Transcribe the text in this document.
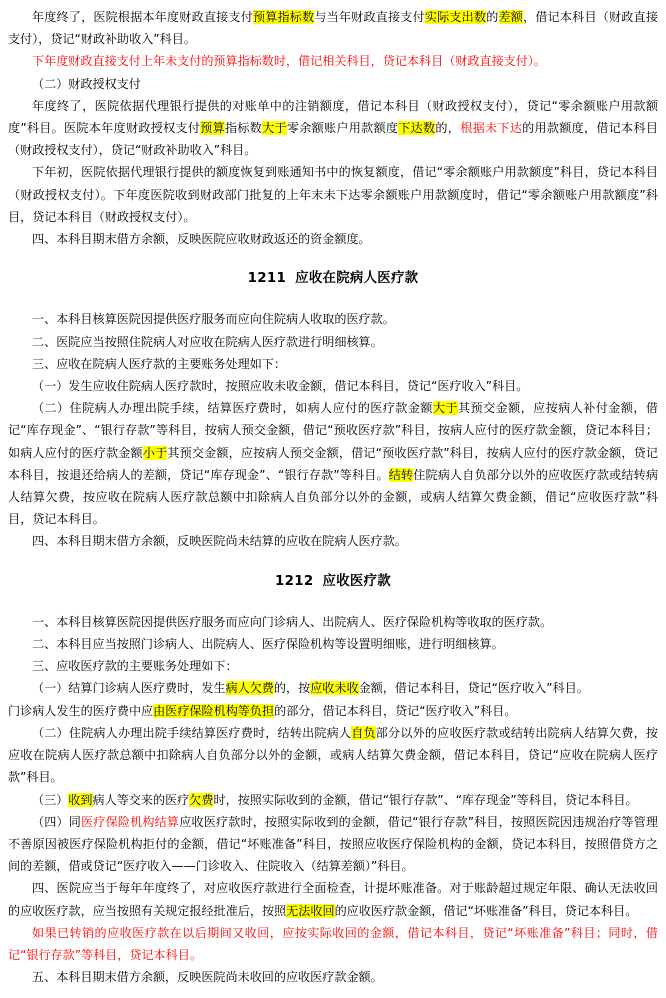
年度终了，医院根据本年度财政直接支付预算指标数与当年财政直接支付实际支出数的差额，借记本科目（财政直接支付），贷记“财政补助收入”科目。

下年度财政直接支付上年未支付的预算指标数时，借记相关科目，贷记本科目（财政直接支付）。

（二）财政授权支付

年度终了，医院依据代理银行提供的对账单中的注销额度，借记本科目（财政授权支付），贷记“零余额账户用款额度”科目。医院本年度财政授权支付预算指标数大于零余额账户用款额度下达数的，根据未下达的用款额度，借记本科目（财政授权支付），贷记“财政补助收入”科目。

下年初，医院依据代理银行提供的额度恢复到账通知书中的恢复额度，借记“零余额账户用款额度”科目，贷记本科目（财政授权支付）。下年度医院收到财政部门批复的上年末未下达零余额账户用款额度时，借记“零余额账户用款额度”科目，贷记本科目（财政授权支付）。

四、本科目期末借方余额，反映医院应收财政返还的资金额度。

1211 应收在院病人医疗款

一、本科目核算医院因提供医疗服务而应向住院病人收取的医疗款。

二、医院应当按照住院病人对应收在院病人医疗款进行明细核算。

三、应收在院病人医疗款的主要账务处理如下：

（一）发生应收住院病人医疗款时，按照应收未收金额，借记本科目，贷记“医疗收入”科目。

（二）住院病人办理出院手续，结算医疗费时，如病人应付的医疗款金额大于其预交金额，应按病人补付金额，借记“库存现金”、“银行存款”等科目，按病人预交金额，借记“预收医疗款”科目，按病人应付的医疗款金额，贷记本科目；如病人应付的医疗款金额小于其预交金额，应按病人预交金额，借记“预收医疗款”科目，按病人应付的医疗款金额，贷记本科目，按退还给病人的差额，贷记“库存现金”、“银行存款”等科目。结转住院病人自负部分以外的应收医疗款或结转病人结算欠费，按应收在院病人医疗款总额中扣除病人自负部分以外的金额，或病人结算欠费金额，借记“应收医疗款”科目，贷记本科目。

四、本科目期末借方余额，反映医院尚未结算的应收在院病人医疗款。

1212 应收医疗款

一、本科目核算医院因提供医疗服务而应向门诊病人、出院病人、医疗保险机构等收取的医疗款。

二、本科目应当按照门诊病人、出院病人、医疗保险机构等设置明细账，进行明细核算。

三、应收医疗款的主要账务处理如下：

（一）结算门诊病人医疗费时，发生病人欠费的，按应收未收金额，借记本科目，贷记“医疗收入”科目。

门诊病人发生的医疗费中应由医疗保险机构等负担的部分，借记本科目，贷记“医疗收入”科目。

（二）住院病人办理出院手续结算医疗费时，结转出院病人自负部分以外的应收医疗款或结转出院病人结算欠费，按应收在院病人医疗款总额中扣除病人自负部分以外的金额，或病人结算欠费金额，借记本科目，贷记“应收在院病人医疗款”科目。

（三）收到病人等交来的医疗欠费时，按照实际收到的金额，借记“银行存款”、“库存现金”等科目，贷记本科目。

（四）同医疗保险机构结算应收医疗款时，按照实际收到的金额，借记“银行存款”科目，按照医院因违规治疗等管理不善原因被医疗保险机构拒付的金额，借记“坏账准备”科目，按照应收医疗保险机构的金额，贷记本科目，按照借贷方之间的差额，借或贷记“医疗收入——门诊收入、住院收入（结算差额）”科目。

四、医院应当于每年年度终了，对应收医疗款进行全面检查，计提坏账准备。对于账龄超过规定年限、确认无法收回的应收医疗款，应当按照有关规定报经批准后，按照无法收回的应收医疗款金额，借记“坏账准备”科目，贷记本科目。

如果已转销的应收医疗款在以后期间又收回，应按实际收回的金额，借记本科目，贷记“坏账准备”科目；同时，借记“银行存款”等科目，贷记本科目。

五、本科目期末借方余额，反映医院尚未收回的应收医疗款金额。
